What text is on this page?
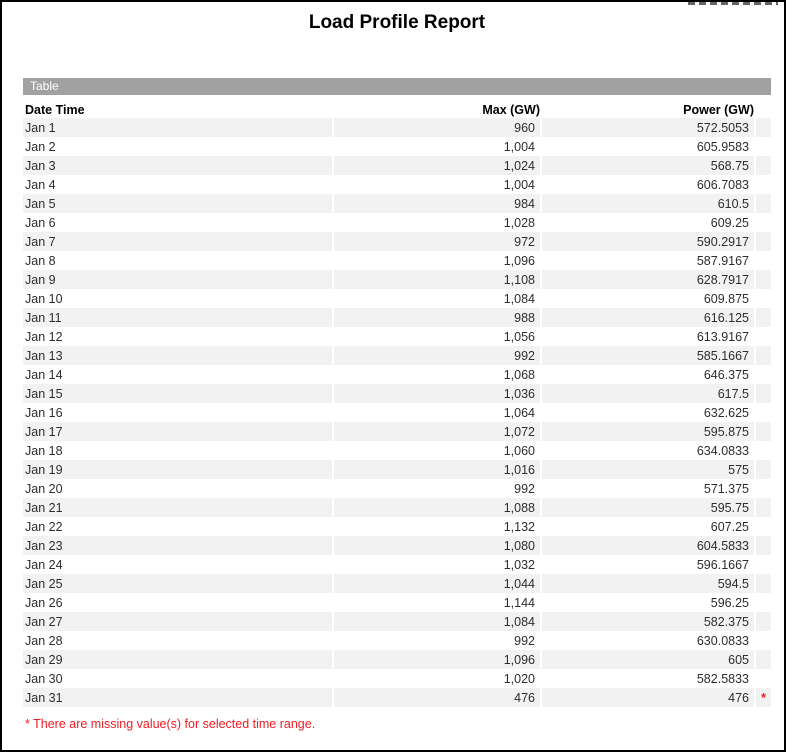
Load Profile Report
Table
Date Time	Max (GW)	Power (GW)
Jan 1	960	572.5053
Jan 2	1,004	605.9583
Jan 3	1,024	568.75
Jan 4	1,004	606.7083
Jan 5	984	610.5
Jan 6	1,028	609.25
Jan 7	972	590.2917
Jan 8	1,096	587.9167
Jan 9	1,108	628.7917
Jan 10	1,084	609.875
Jan 11	988	616.125
Jan 12	1,056	613.9167
Jan 13	992	585.1667
Jan 14	1,068	646.375
Jan 15	1,036	617.5
Jan 16	1,064	632.625
Jan 17	1,072	595.875
Jan 18	1,060	634.0833
Jan 19	1,016	575
Jan 20	992	571.375
Jan 21	1,088	595.75
Jan 22	1,132	607.25
Jan 23	1,080	604.5833
Jan 24	1,032	596.1667
Jan 25	1,044	594.5
Jan 26	1,144	596.25
Jan 27	1,084	582.375
Jan 28	992	630.0833
Jan 29	1,096	605
Jan 30	1,020	582.5833
Jan 31	476	476 *
* There are missing value(s) for selected time range.
